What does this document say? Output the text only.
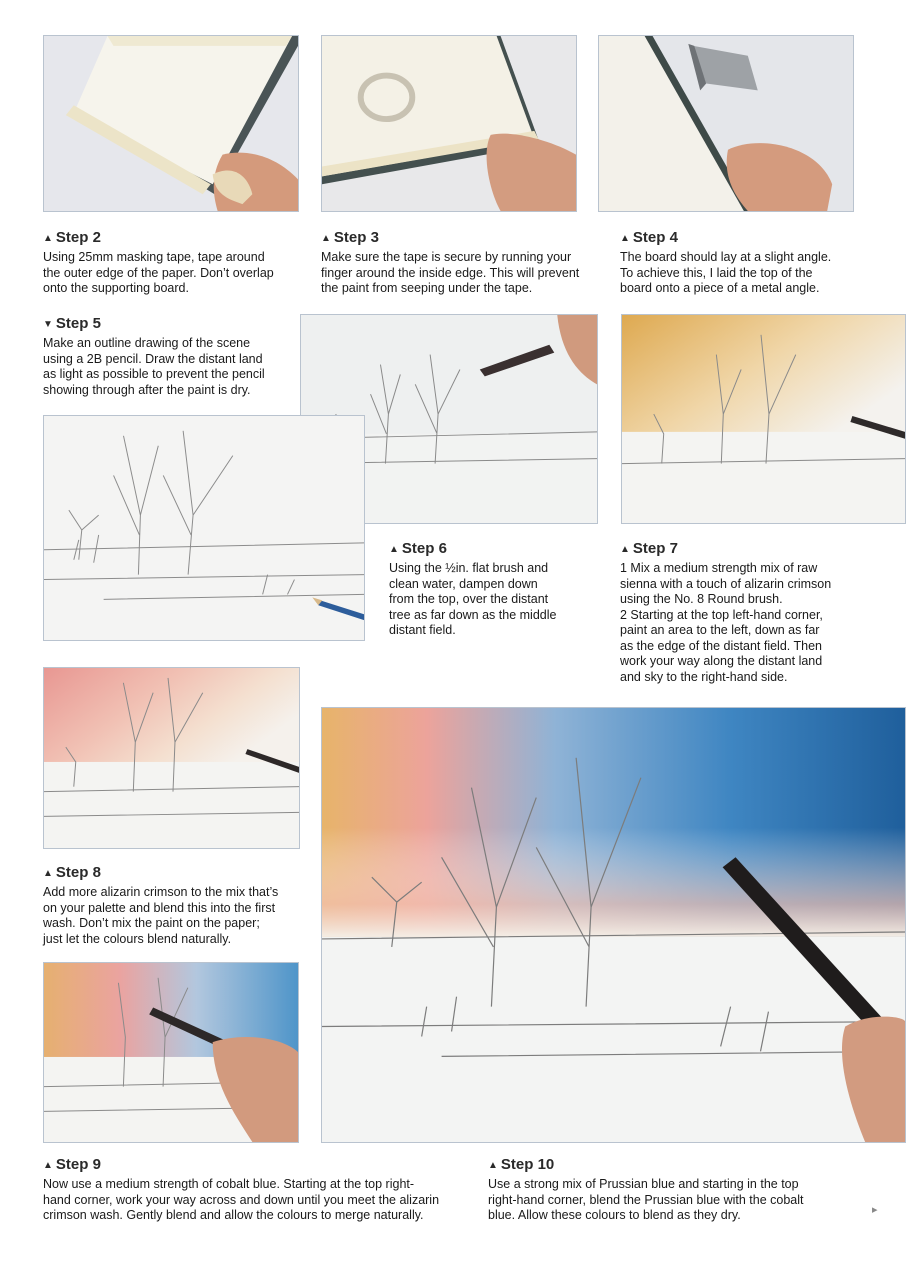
▲ Step 2

Using 25mm masking tape, tape around

the outer edge of the paper. Don’t overlap

onto the supporting board.

▲ Step 3

Make sure the tape is secure by running your

finger around the inside edge. This will prevent

the paint from seeping under the tape.

▲ Step 4

The board should lay at a slight angle.

To achieve this, I laid the top of the

board onto a piece of a metal angle.

▼ Step 5

Make an outline drawing of the scene

using a 2B pencil. Draw the distant land

as light as possible to prevent the pencil

showing through after the paint is dry.

▲ Step 6

Using the ½in. flat brush and

clean water, dampen down

from the top, over the distant

tree as far down as the middle

distant field.

▲ Step 7

1 Mix a medium strength mix of raw

sienna with a touch of alizarin crimson

using the No. 8 Round brush.

2 Starting at the top left-hand corner,

paint an area to the left, down as far

as the edge of the distant field. Then

work your way along the distant land

and sky to the right-hand side.

▲ Step 8

Add more alizarin crimson to the mix that’s

on your palette and blend this into the first

wash. Don’t mix the paint on the paper;

just let the colours blend naturally.

▲ Step 9

Now use a medium strength of cobalt blue. Starting at the top right-

hand corner, work your way across and down until you meet the alizarin

crimson wash. Gently blend and allow the colours to merge naturally.

▲ Step 10

Use a strong mix of Prussian blue and starting in the top

right-hand corner, blend the Prussian blue with the cobalt

blue. Allow these colours to blend as they dry.	▸
